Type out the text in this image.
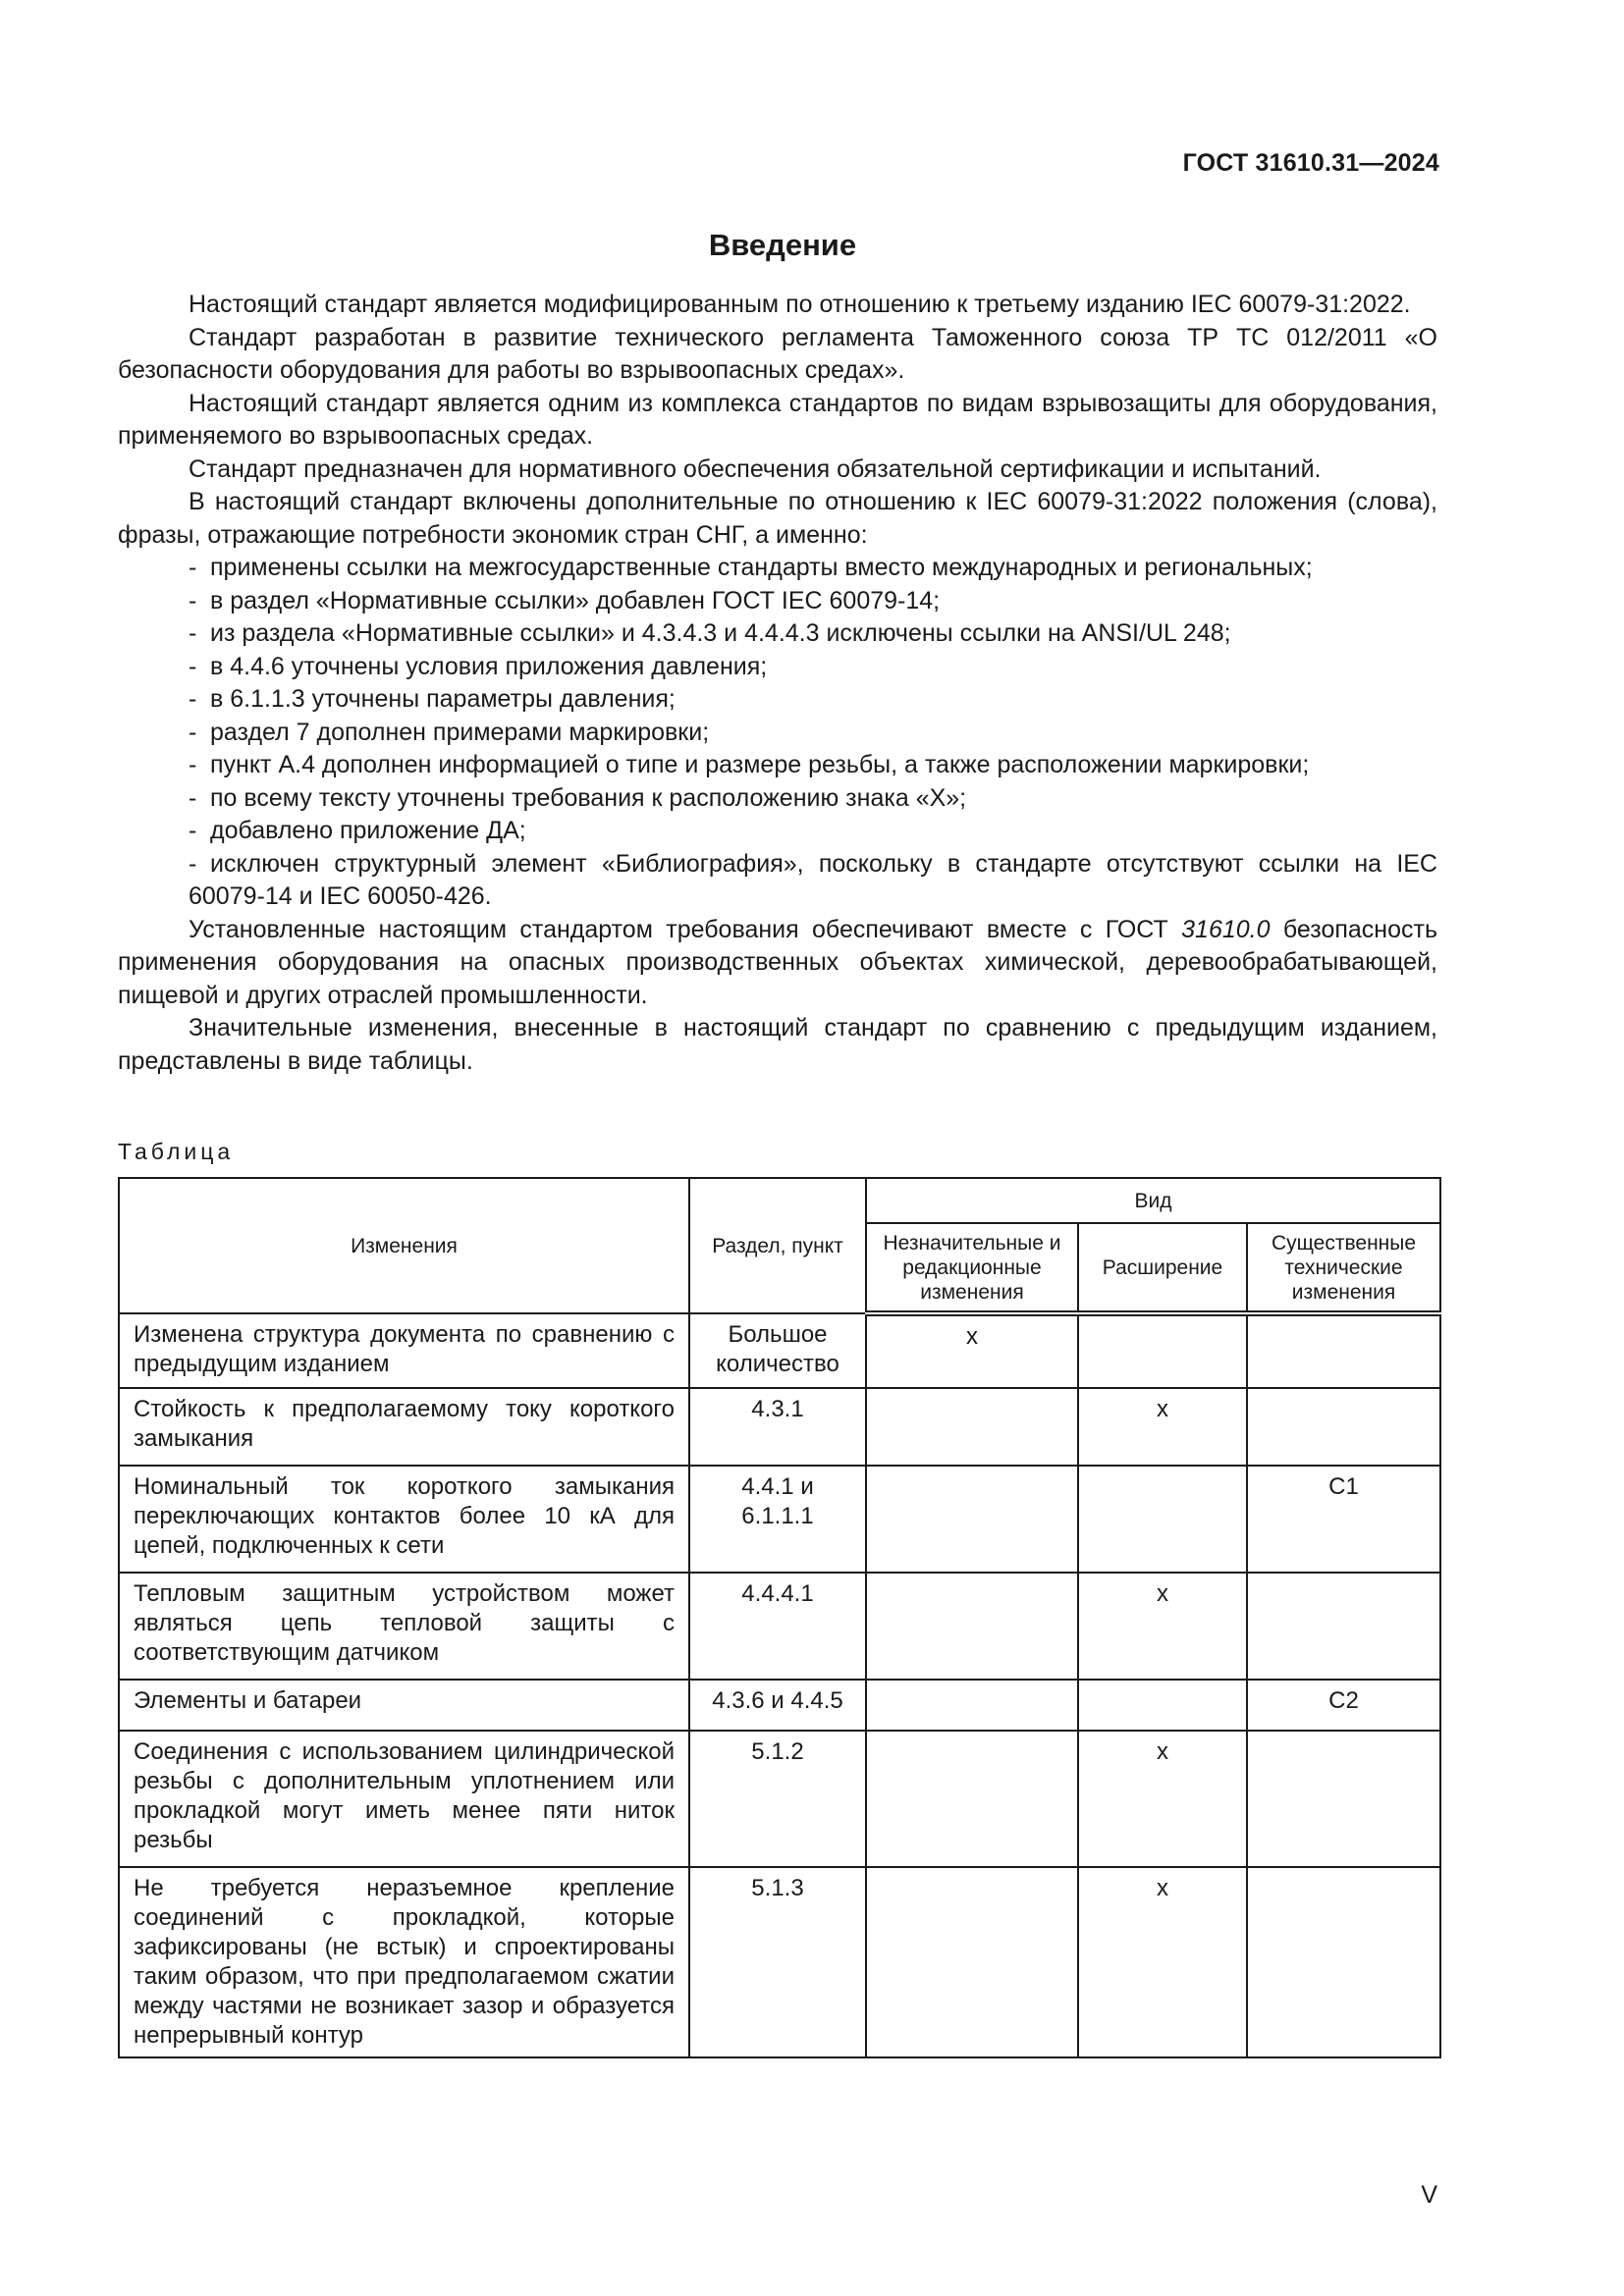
ГОСТ 31610.31—2024
Введение

Настоящий стандарт является модифицированным по отношению к третьему изданию IEC 60079-31:2022.

Стандарт разработан в развитие технического регламента Таможенного союза ТР ТС 012/2011 «О безопасности оборудования для работы во взрывоопасных средах».

Настоящий стандарт является одним из комплекса стандартов по видам взрывозащиты для оборудования, применяемого во взрывоопасных средах.

Стандарт предназначен для нормативного обеспечения обязательной сертификации и испытаний.

В настоящий стандарт включены дополнительные по отношению к IEC 60079-31:2022 положения (слова), фразы, отражающие потребности экономик стран СНГ, а именно:

- применены ссылки на межгосударственные стандарты вместо международных и региональных;
- в раздел «Нормативные ссылки» добавлен ГОСТ IEC 60079-14;
- из раздела «Нормативные ссылки» и 4.3.4.3 и 4.4.4.3 исключены ссылки на ANSI/UL 248;
- в 4.4.6 уточнены условия приложения давления;
- в 6.1.1.3 уточнены параметры давления;
- раздел 7 дополнен примерами маркировки;
- пункт А.4 дополнен информацией о типе и размере резьбы, а также расположении маркировки;
- по всему тексту уточнены требования к расположению знака «Х»;
- добавлено приложение ДА;
- исключен структурный элемент «Библиография», поскольку в стандарте отсутствуют ссылки на IEC 60079-14 и IEC 60050-426.

Установленные настоящим стандартом требования обеспечивают вместе с ГОСТ 31610.0 безопасность применения оборудования на опасных производственных объектах химической, деревообрабатывающей, пищевой и других отраслей промышленности.

Значительные изменения, внесенные в настоящий стандарт по сравнению с предыдущим изданием, представлены в виде таблицы.

Таблица
Изменения	Раздел, пункт	Вид		
		Незначительные и редакционные изменения	Расширение	Существенные технические изменения
Изменена структура документа по сравнению с предыдущим изданием	Большое количество	x		
Стойкость к предполагаемому току короткого замыкания	4.3.1		x	
Номинальный ток короткого замыкания переключающих контактов более 10 кА для цепей, подключенных к сети	4.4.1 и 6.1.1.1			С1
Тепловым защитным устройством может являться цепь тепловой защиты с соответствующим датчиком	4.4.4.1		x	
Элементы и батареи	4.3.6 и 4.4.5			С2
Соединения с использованием цилиндрической резьбы с дополнительным уплотнением или прокладкой могут иметь менее пяти ниток резьбы	5.1.2		x	
Не требуется неразъемное крепление соединений с прокладкой, которые зафиксированы (не встык) и спроектированы таким образом, что при предполагаемом сжатии между частями не возникает зазор и образуется непрерывный контур	5.1.3		x	
V
